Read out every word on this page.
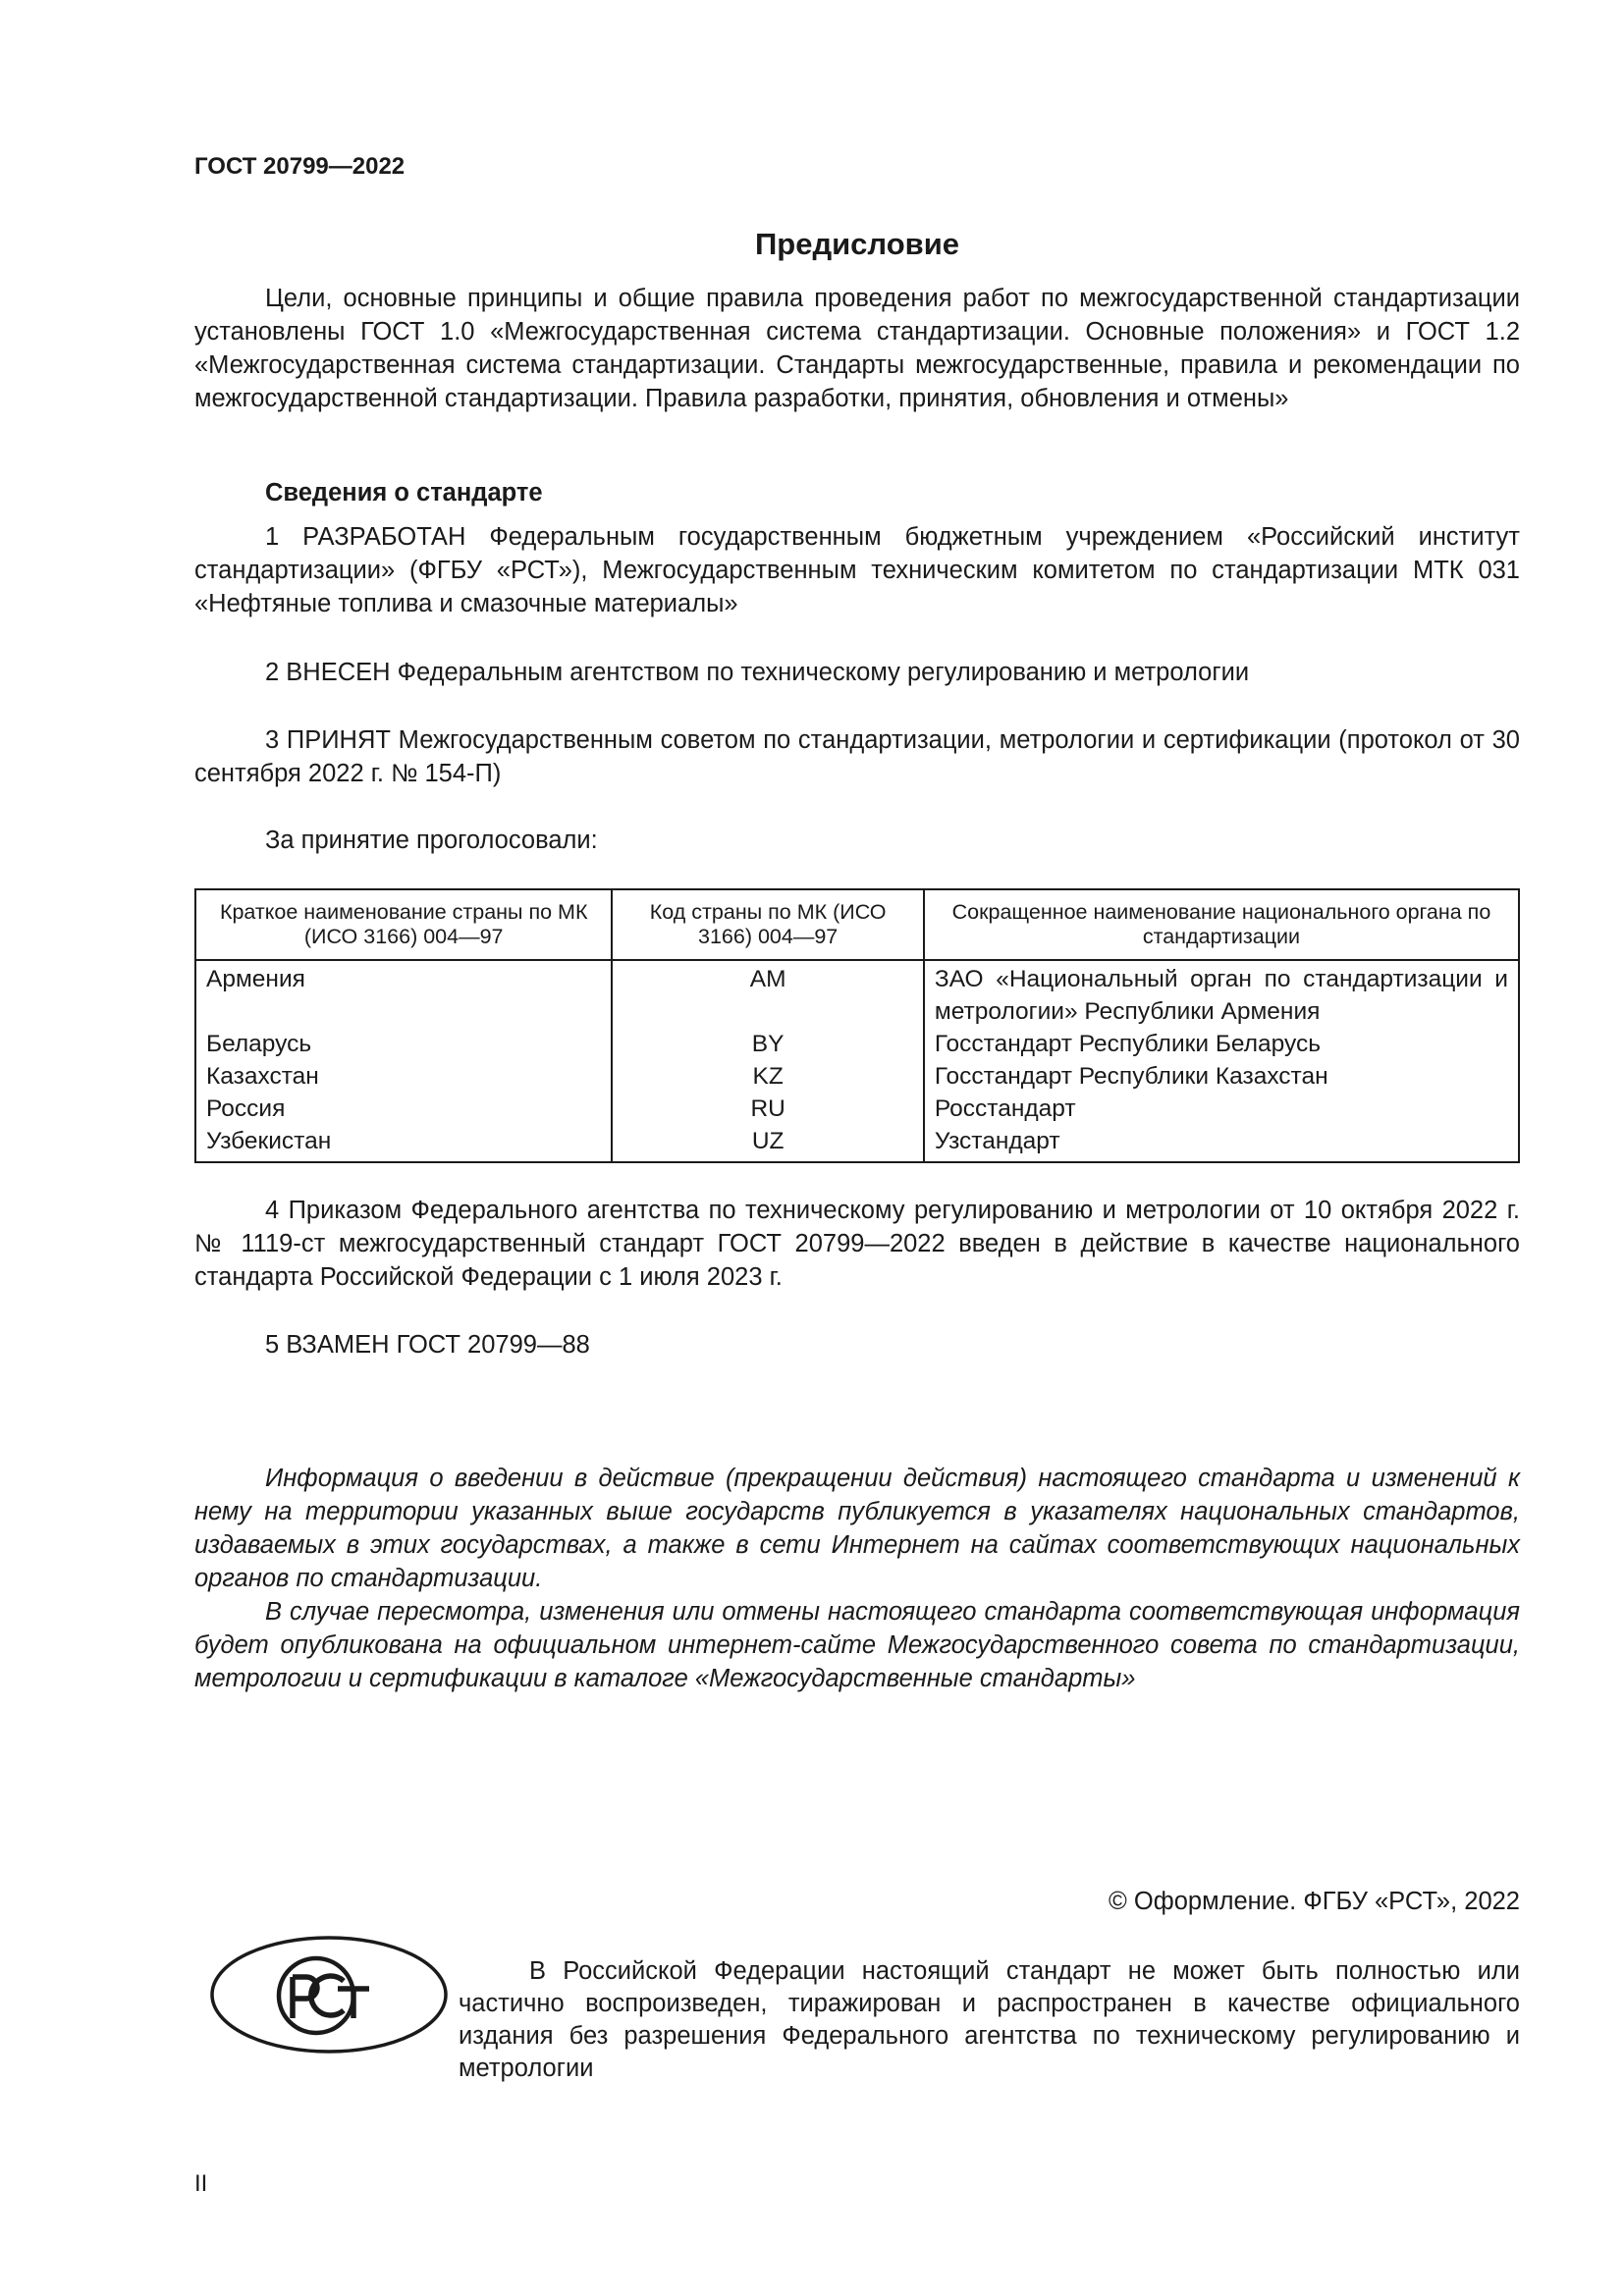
ГОСТ 20799—2022
Предисловие

Цели, основные принципы и общие правила проведения работ по межгосударственной стандартизации установлены ГОСТ 1.0 «Межгосударственная система стандартизации. Основные положения» и ГОСТ 1.2 «Межгосударственная система стандартизации. Стандарты межгосударственные, правила и рекомендации по межгосударственной стандартизации. Правила разработки, принятия, обновления и отмены»

Сведения о стандарте

1 РАЗРАБОТАН Федеральным государственным бюджетным учреждением «Российский институт стандартизации» (ФГБУ «РСТ»), Межгосударственным техническим комитетом по стандартизации МТК 031 «Нефтяные топлива и смазочные материалы»

2 ВНЕСЕН Федеральным агентством по техническому регулированию и метрологии

3 ПРИНЯТ Межгосударственным советом по стандартизации, метрологии и сертификации (протокол от 30 сентября 2022 г. № 154-П)

За принятие проголосовали:

Краткое наименование страны по МК (ИСО 3166) 004—97	Код страны по МК (ИСО 3166) 004—97	Сокращенное наименование национального органа по стандартизации
Армения	AM	ЗАО «Национальный орган по стандартизации и метрологии» Республики Армения
Беларусь	BY	Госстандарт Республики Беларусь
Казахстан	KZ	Госстандарт Республики Казахстан
Россия	RU	Росстандарт
Узбекистан	UZ	Узстандарт

4 Приказом Федерального агентства по техническому регулированию и метрологии от 10 октября 2022 г. № 1119-ст межгосударственный стандарт ГОСТ 20799—2022 введен в действие в качестве национального стандарта Российской Федерации с 1 июля 2023 г.

5 ВЗАМЕН ГОСТ 20799—88

Информация о введении в действие (прекращении действия) настоящего стандарта и изменений к нему на территории указанных выше государств публикуется в указателях национальных стандартов, издаваемых в этих государствах, а также в сети Интернет на сайтах соответствующих национальных органов по стандартизации.

В случае пересмотра, изменения или отмены настоящего стандарта соответствующая информация будет опубликована на официальном интернет-сайте Межгосударственного совета по стандартизации, метрологии и сертификации в каталоге «Межгосударственные стандарты»

© Оформление. ФГБУ «РСТ», 2022
РСТ

В Российской Федерации настоящий стандарт не может быть полностью или частично воспроизведен, тиражирован и распространен в качестве официального издания без разрешения Федерального агентства по техническому регулированию и метрологии

II
